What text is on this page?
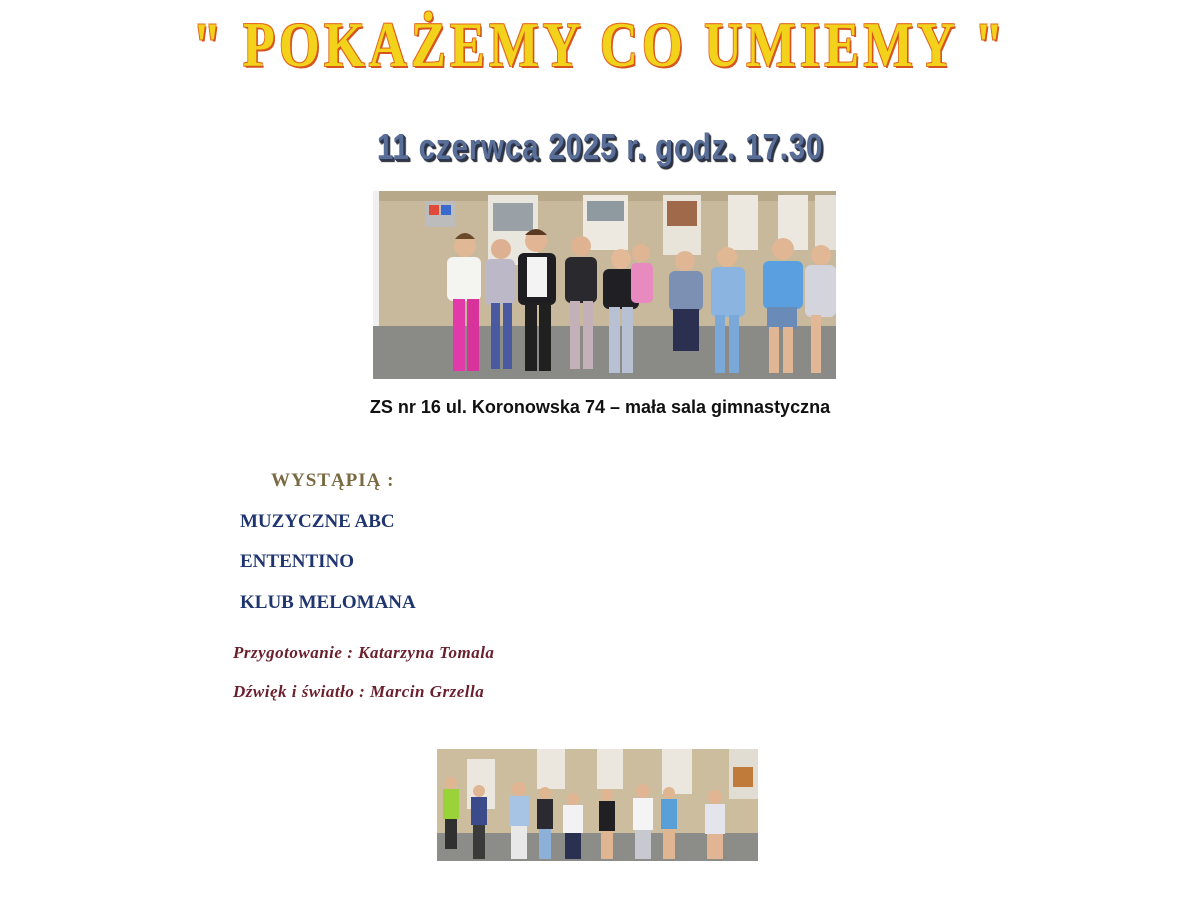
" POKAŻEMY CO UMIEMY "
11 czerwca 2025 r. godz. 17.30
ZS nr 16 ul. Koronowska 74 – mała sala gimnastyczna
WYSTĄPIĄ :
MUZYCZNE ABC
ENTENTINO
KLUB MELOMANA
Przygotowanie : Katarzyna Tomala
Dźwięk i światło : Marcin Grzella
